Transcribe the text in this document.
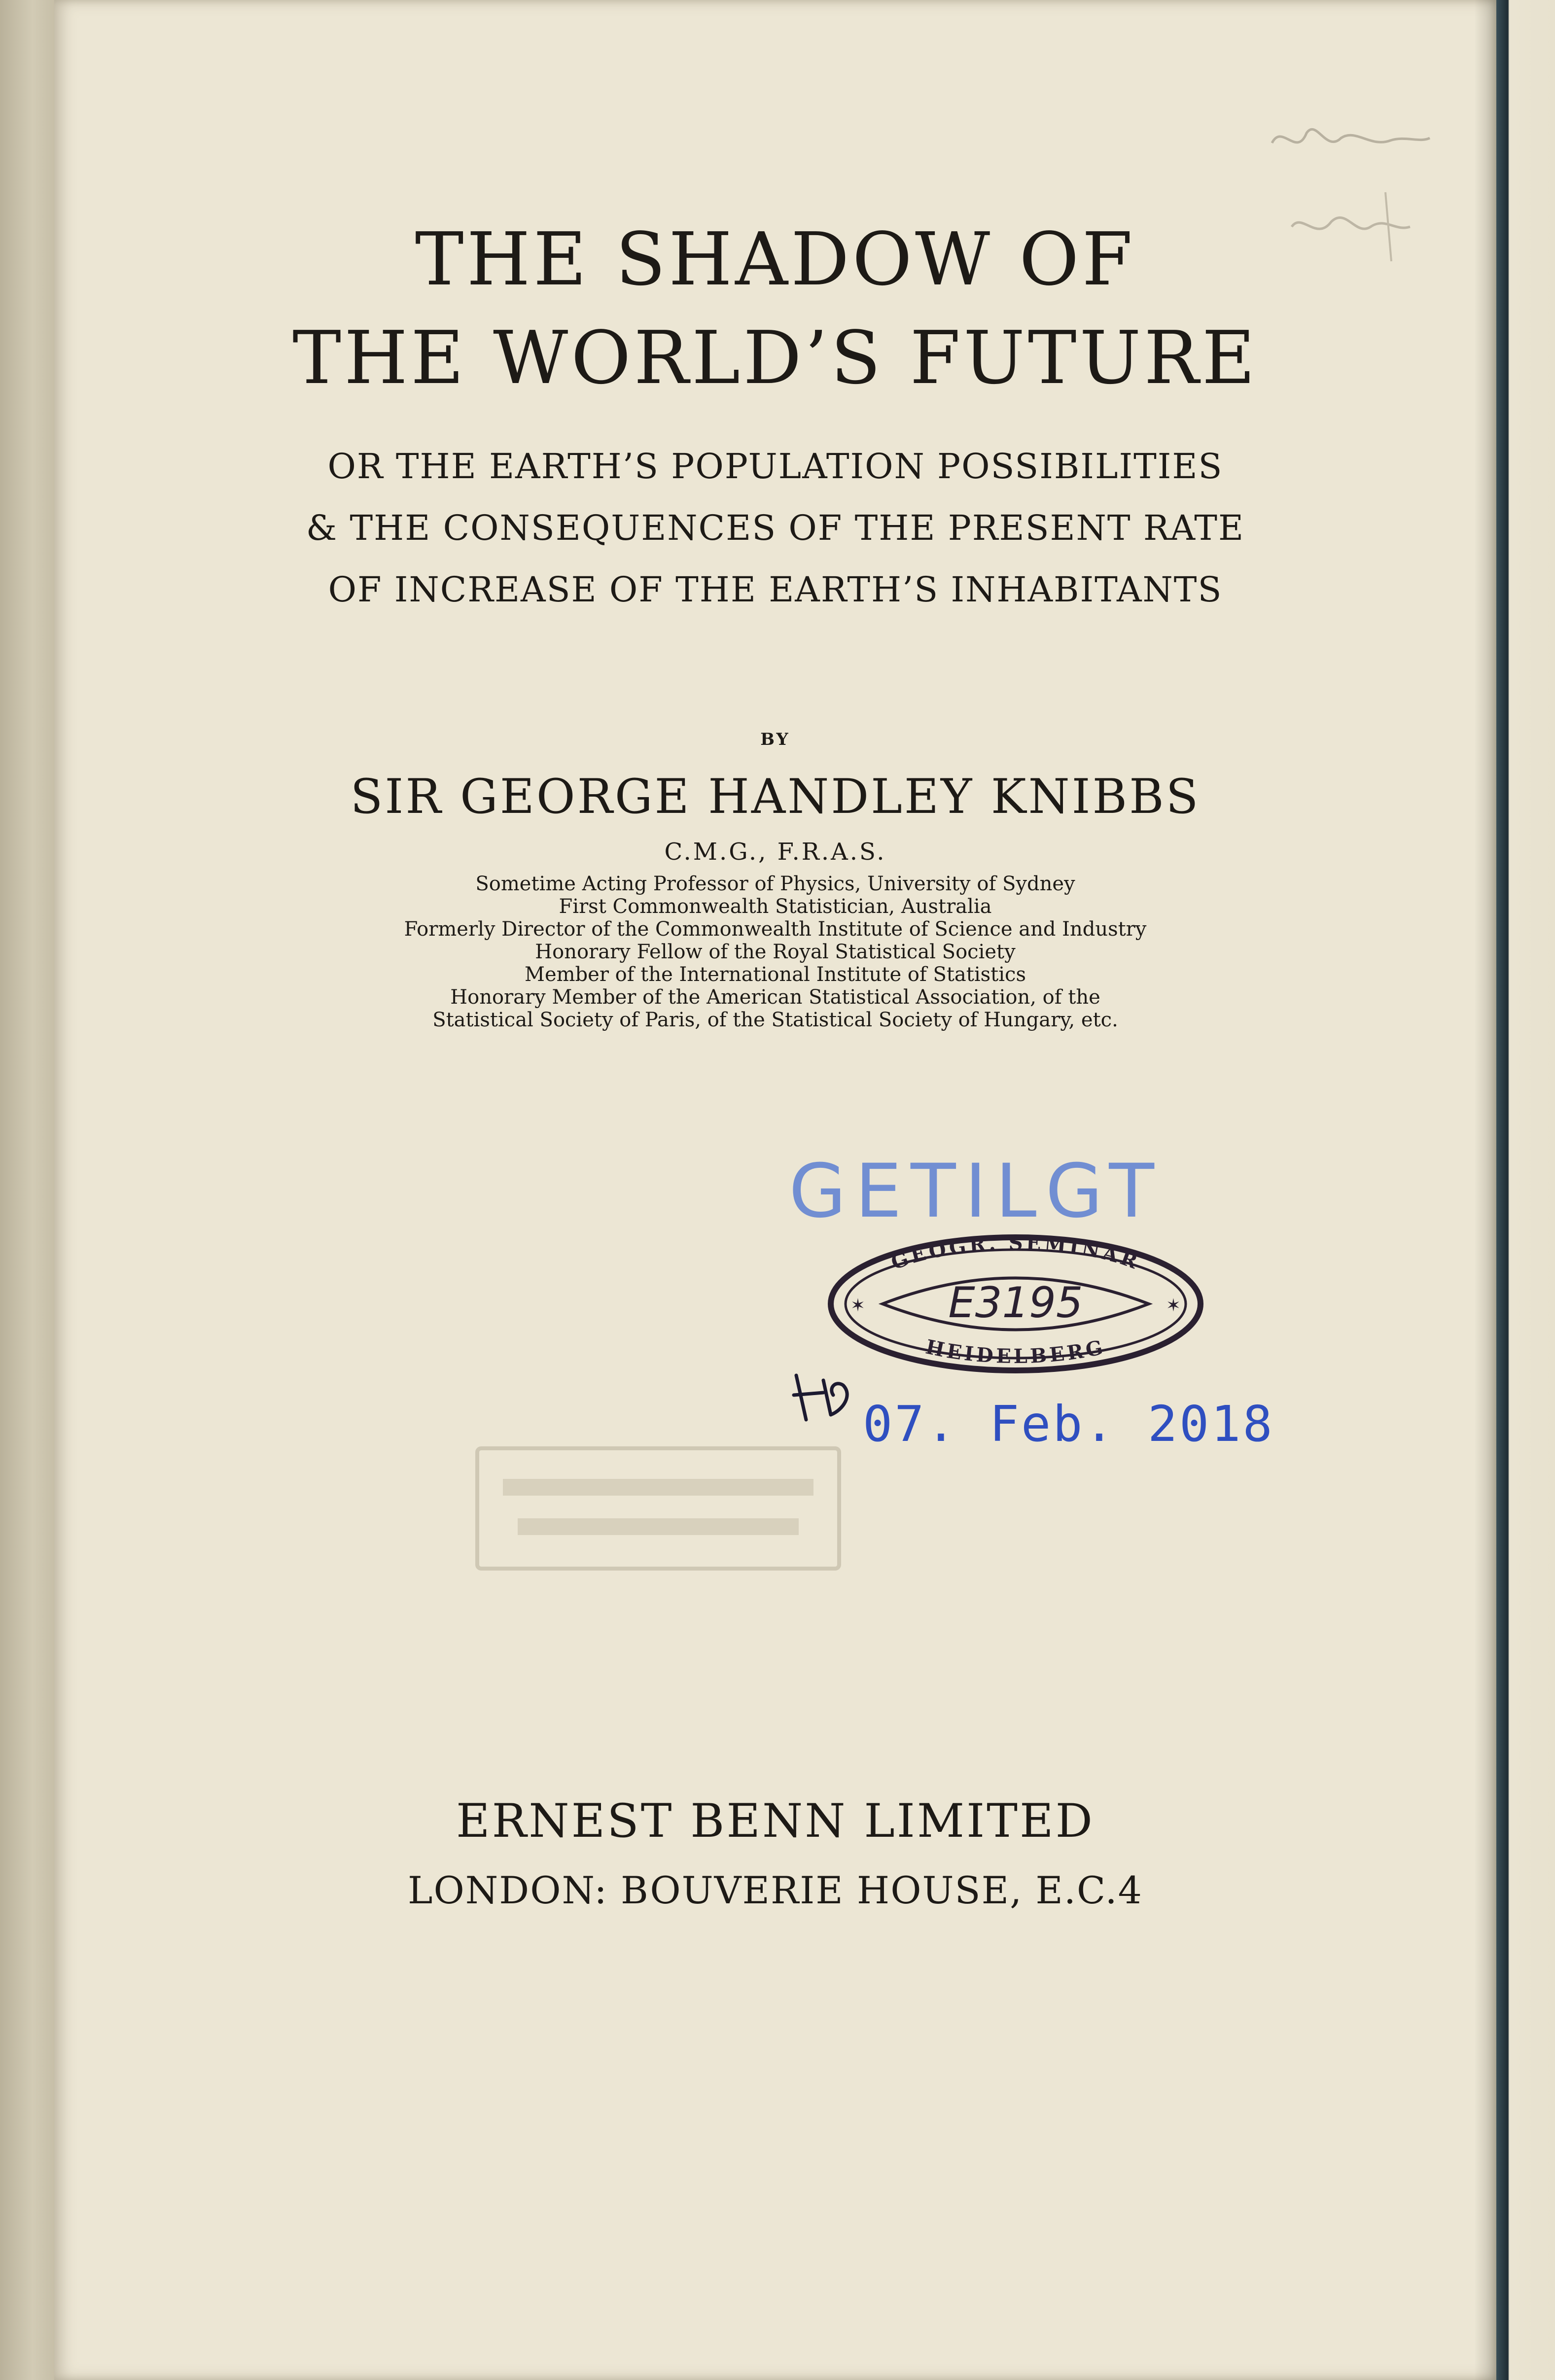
THE SHADOW OF
THE WORLD’S FUTURE

OR THE EARTH’S POPULATION POSSIBILITIES

& THE CONSEQUENCES OF THE PRESENT RATE

OF INCREASE OF THE EARTH’S INHABITANTS

BY

SIR GEORGE HANDLEY KNIBBS

C.M.G., F.R.A.S.

Sometime Acting Professor of Physics, University of Sydney
First Commonwealth Statistician, Australia
Formerly Director of the Commonwealth Institute of Science and Industry
Honorary Fellow of the Royal Statistical Society
Member of the International Institute of Statistics
Honorary Member of the American Statistical Association, of the
Statistical Society of Paris, of the Statistical Society of Hungary, etc.

GETILGT

GEOGR. SEMINAR
HEIDELBERG
E3195
✶	✶

07. Feb. 2018

ERNEST BENN LIMITED

LONDON: BOUVERIE HOUSE, E.C.4
